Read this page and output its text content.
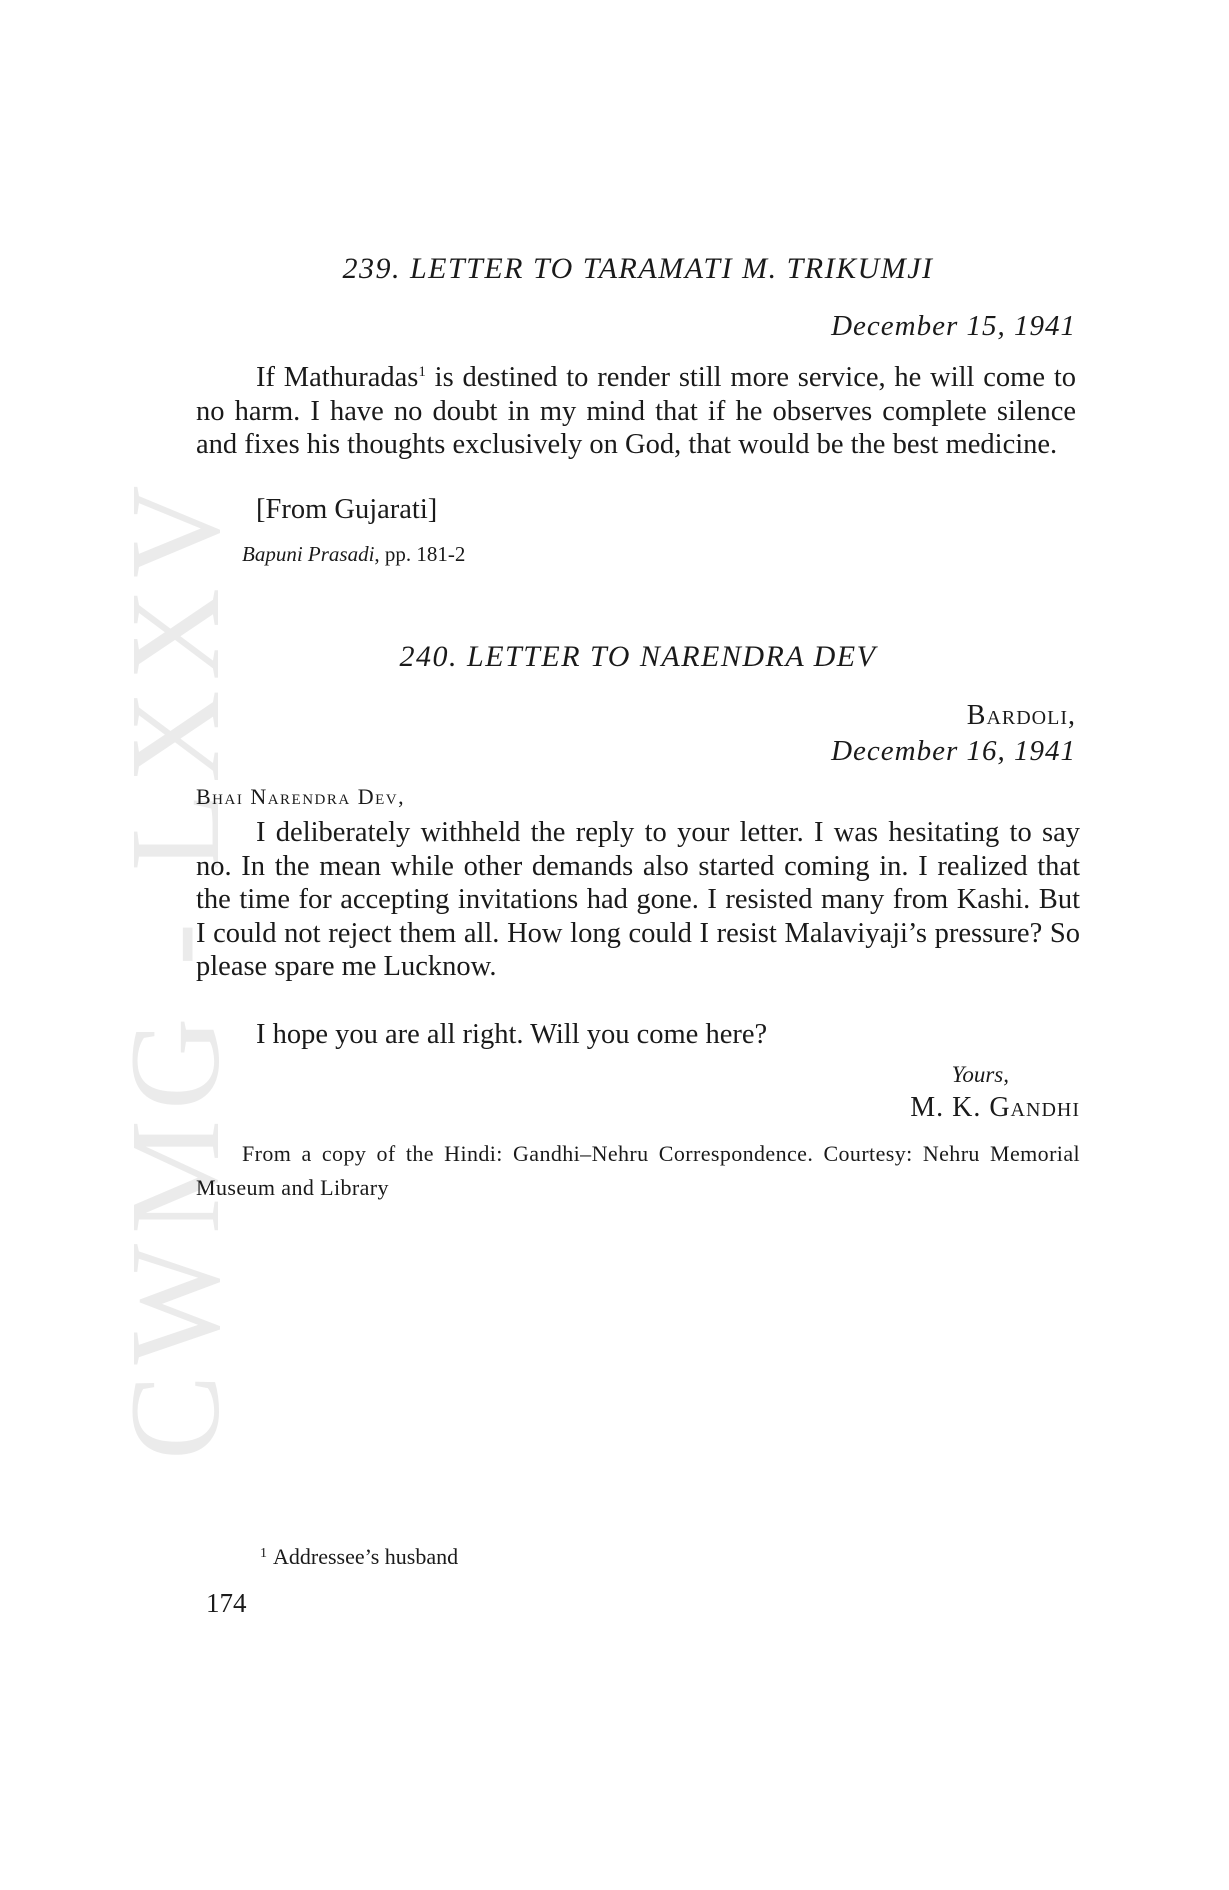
CWMG - LXXV
239. LETTER TO TARAMATI M. TRIKUMJI
December 15, 1941

If Mathuradas$^1$ is destined to render still more service, he will come to no harm. I have no doubt in my mind that if he observes complete silence and fixes his thoughts exclusively on God, that would be the best medicine.

[From Gujarati]
Bapuni Prasadi, pp. 181-2
240. LETTER TO NARENDRA DEV
Bardoli,
December 16, 1941
Bhai Narendra Dev,

I deliberately withheld the reply to your letter. I was hesitating to say no. In the mean while other demands also started coming in. I realized that the time for accepting invitations had gone. I resisted many from Kashi. But I could not reject them all. How long could I resist Malaviyaji’s pressure? So please spare me Lucknow.

I hope you are all right. Will you come here?

Yours,
M. K. Gandhi

From a copy of the Hindi: Gandhi–Nehru Correspondence. Courtesy: Nehru Memorial Museum and Library

$^1$ Addressee’s husband
174
